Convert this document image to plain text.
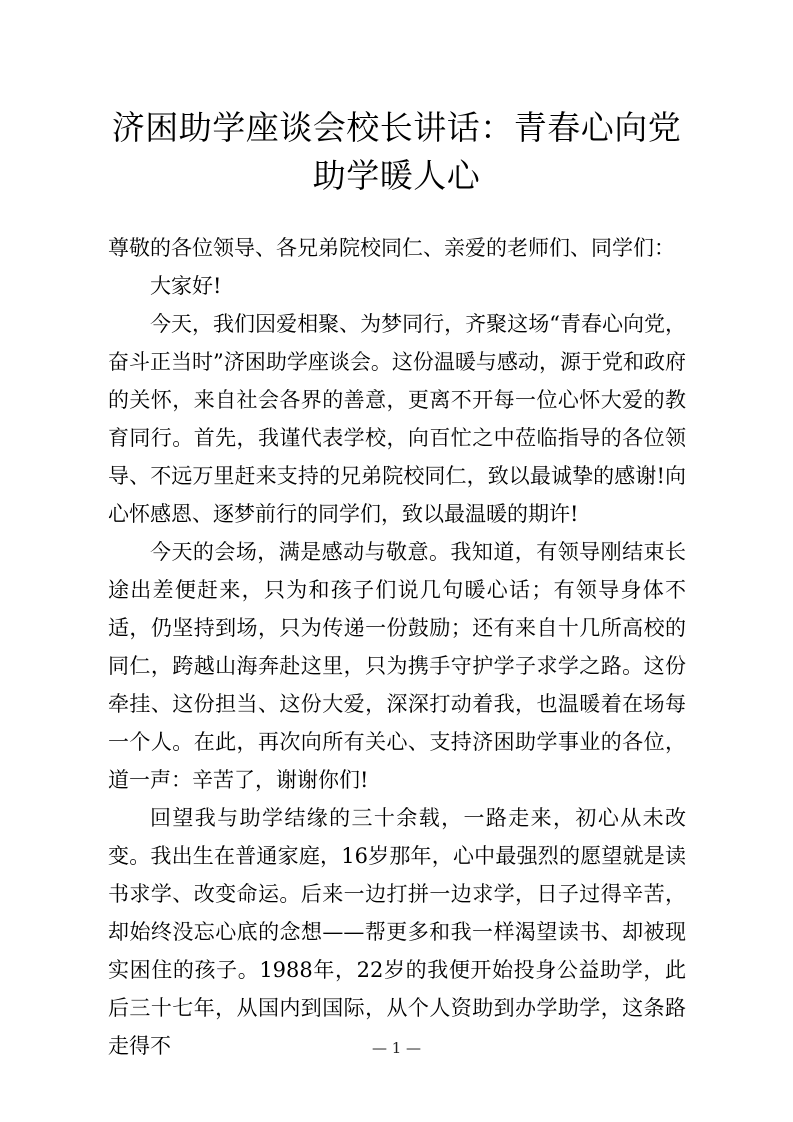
济困助学座谈会校长讲话：青春心向党助学暖人心

尊敬的各位领导、各兄弟院校同仁、亲爱的老师们、同学们：

大家好!

今天，我们因爱相聚、为梦同行，齐聚这场“青春心向党，奋斗正当时”济困助学座谈会。这份温暖与感动，源于党和政府的关怀，来自社会各界的善意，更离不开每一位心怀大爱的教育同行。首先，我谨代表学校，向百忙之中莅临指导的各位领导、不远万里赶来支持的兄弟院校同仁，致以最诚挚的感谢!向心怀感恩、逐梦前行的同学们，致以最温暖的期许!

今天的会场，满是感动与敬意。我知道，有领导刚结束长途出差便赶来，只为和孩子们说几句暖心话；有领导身体不适，仍坚持到场，只为传递一份鼓励；还有来自十几所高校的同仁，跨越山海奔赴这里，只为携手守护学子求学之路。这份牵挂、这份担当、这份大爱，深深打动着我，也温暖着在场每一个人。在此，再次向所有关心、支持济困助学事业的各位，道一声：辛苦了，谢谢你们!

回望我与助学结缘的三十余载，一路走来，初心从未改变。我出生在普通家庭，16岁那年，心中最强烈的愿望就是读书求学、改变命运。后来一边打拼一边求学，日子过得辛苦，却始终没忘心底的念想——帮更多和我一样渴望读书、却被现实困住的孩子。1988年，22岁的我便开始投身公益助学，此后三十七年，从国内到国际，从个人资助到办学助学，这条路走得不	— 1 —
